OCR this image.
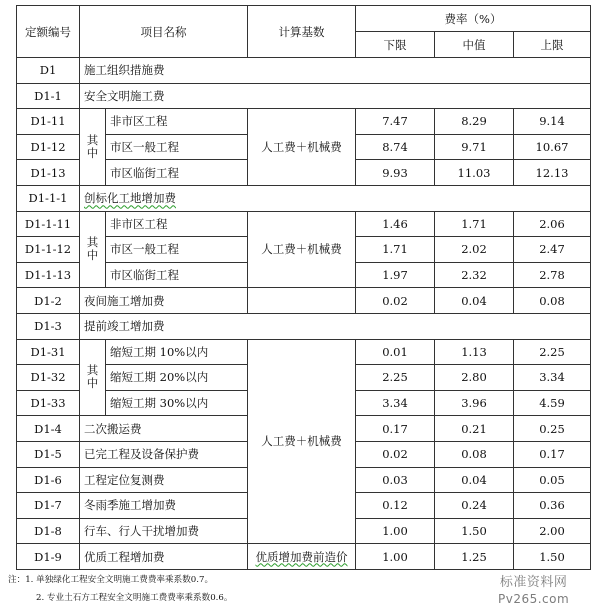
定额编号	项目名称		计算基数	费率（%）		
				下限	中值	上限
D1	施工组织措施费					
D1-1	安全文明施工费					
D1-11	其中	非市区工程	人工费＋机械费	7.47	8.29	9.14
D1-12		市区一般工程		8.74	9.71	10.67
D1-13		市区临街工程		9.93	11.03	12.13
D1-1-1	创标化工地增加费					
D1-1-11	其中	非市区工程	人工费＋机械费	1.46	1.71	2.06
D1-1-12		市区一般工程		1.71	2.02	2.47
D1-1-13		市区临街工程		1.97	2.32	2.78
D1-2	夜间施工增加费			0.02	0.04	0.08
D1-3	提前竣工增加费					
D1-31	其中	缩短工期 10%以内	人工费＋机械费	0.01	1.13	2.25
D1-32		缩短工期 20%以内		2.25	2.80	3.34
D1-33		缩短工期 30%以内		3.34	3.96	4.59
D1-4	二次搬运费			0.17	0.21	0.25
D1-5	已完工程及设备保护费			0.02	0.08	0.17
D1-6	工程定位复测费			0.03	0.04	0.05
D1-7	冬雨季施工增加费			0.12	0.24	0.36
D1-8	行车、行人干扰增加费			1.00	1.50	2.00
D1-9	优质工程增加费		优质增加费前造价	1.00	1.25	1.50
注：1. 单独绿化工程安全文明施工费费率乘系数0.7。
2. 专业土石方工程安全文明施工费费率乘系数0.6。
标准资料网
Pv265.com
